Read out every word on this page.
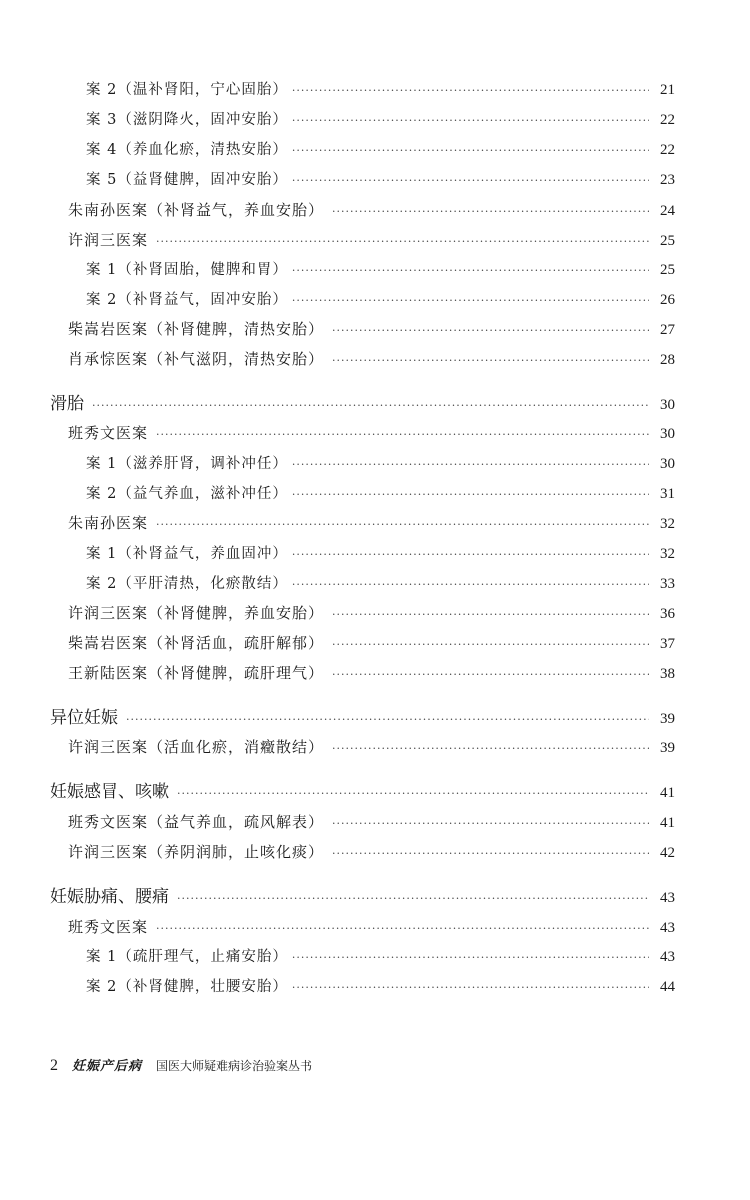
案 2（温补肾阳，宁心固胎） ·····	21
案 3（滋阴降火，固冲安胎） ·····	22
案 4（养血化瘀，清热安胎） ·····	22
案 5（益肾健脾，固冲安胎） ·····	23
朱南孙医案（补肾益气，养血安胎） ·····	24
许润三医案 ·····	25
案 1（补肾固胎，健脾和胃） ·····	25
案 2（补肾益气，固冲安胎） ·····	26
柴嵩岩医案（补肾健脾，清热安胎） ·····	27
肖承悰医案（补气滋阴，清热安胎） ·····	28
滑胎 ·····	30
班秀文医案 ·····	30
案 1（滋养肝肾，调补冲任） ·····	30
案 2（益气养血，滋补冲任） ·····	31
朱南孙医案 ·····	32
案 1（补肾益气，养血固冲） ·····	32
案 2（平肝清热，化瘀散结） ·····	33
许润三医案（补肾健脾，养血安胎） ·····	36
柴嵩岩医案（补肾活血，疏肝解郁） ·····	37
王新陆医案（补肾健脾，疏肝理气） ·····	38
异位妊娠 ·····	39
许润三医案（活血化瘀，消癥散结） ·····	39
妊娠感冒、咳嗽 ·····	41
班秀文医案（益气养血，疏风解表） ·····	41
许润三医案（养阴润肺，止咳化痰） ·····	42
妊娠胁痛、腰痛 ·····	43
班秀文医案 ·····	43
案 1（疏肝理气，止痛安胎） ·····	43
案 2（补肾健脾，壮腰安胎） ·····	44
2 妊娠产后病 国医大师疑难病诊治验案丛书
